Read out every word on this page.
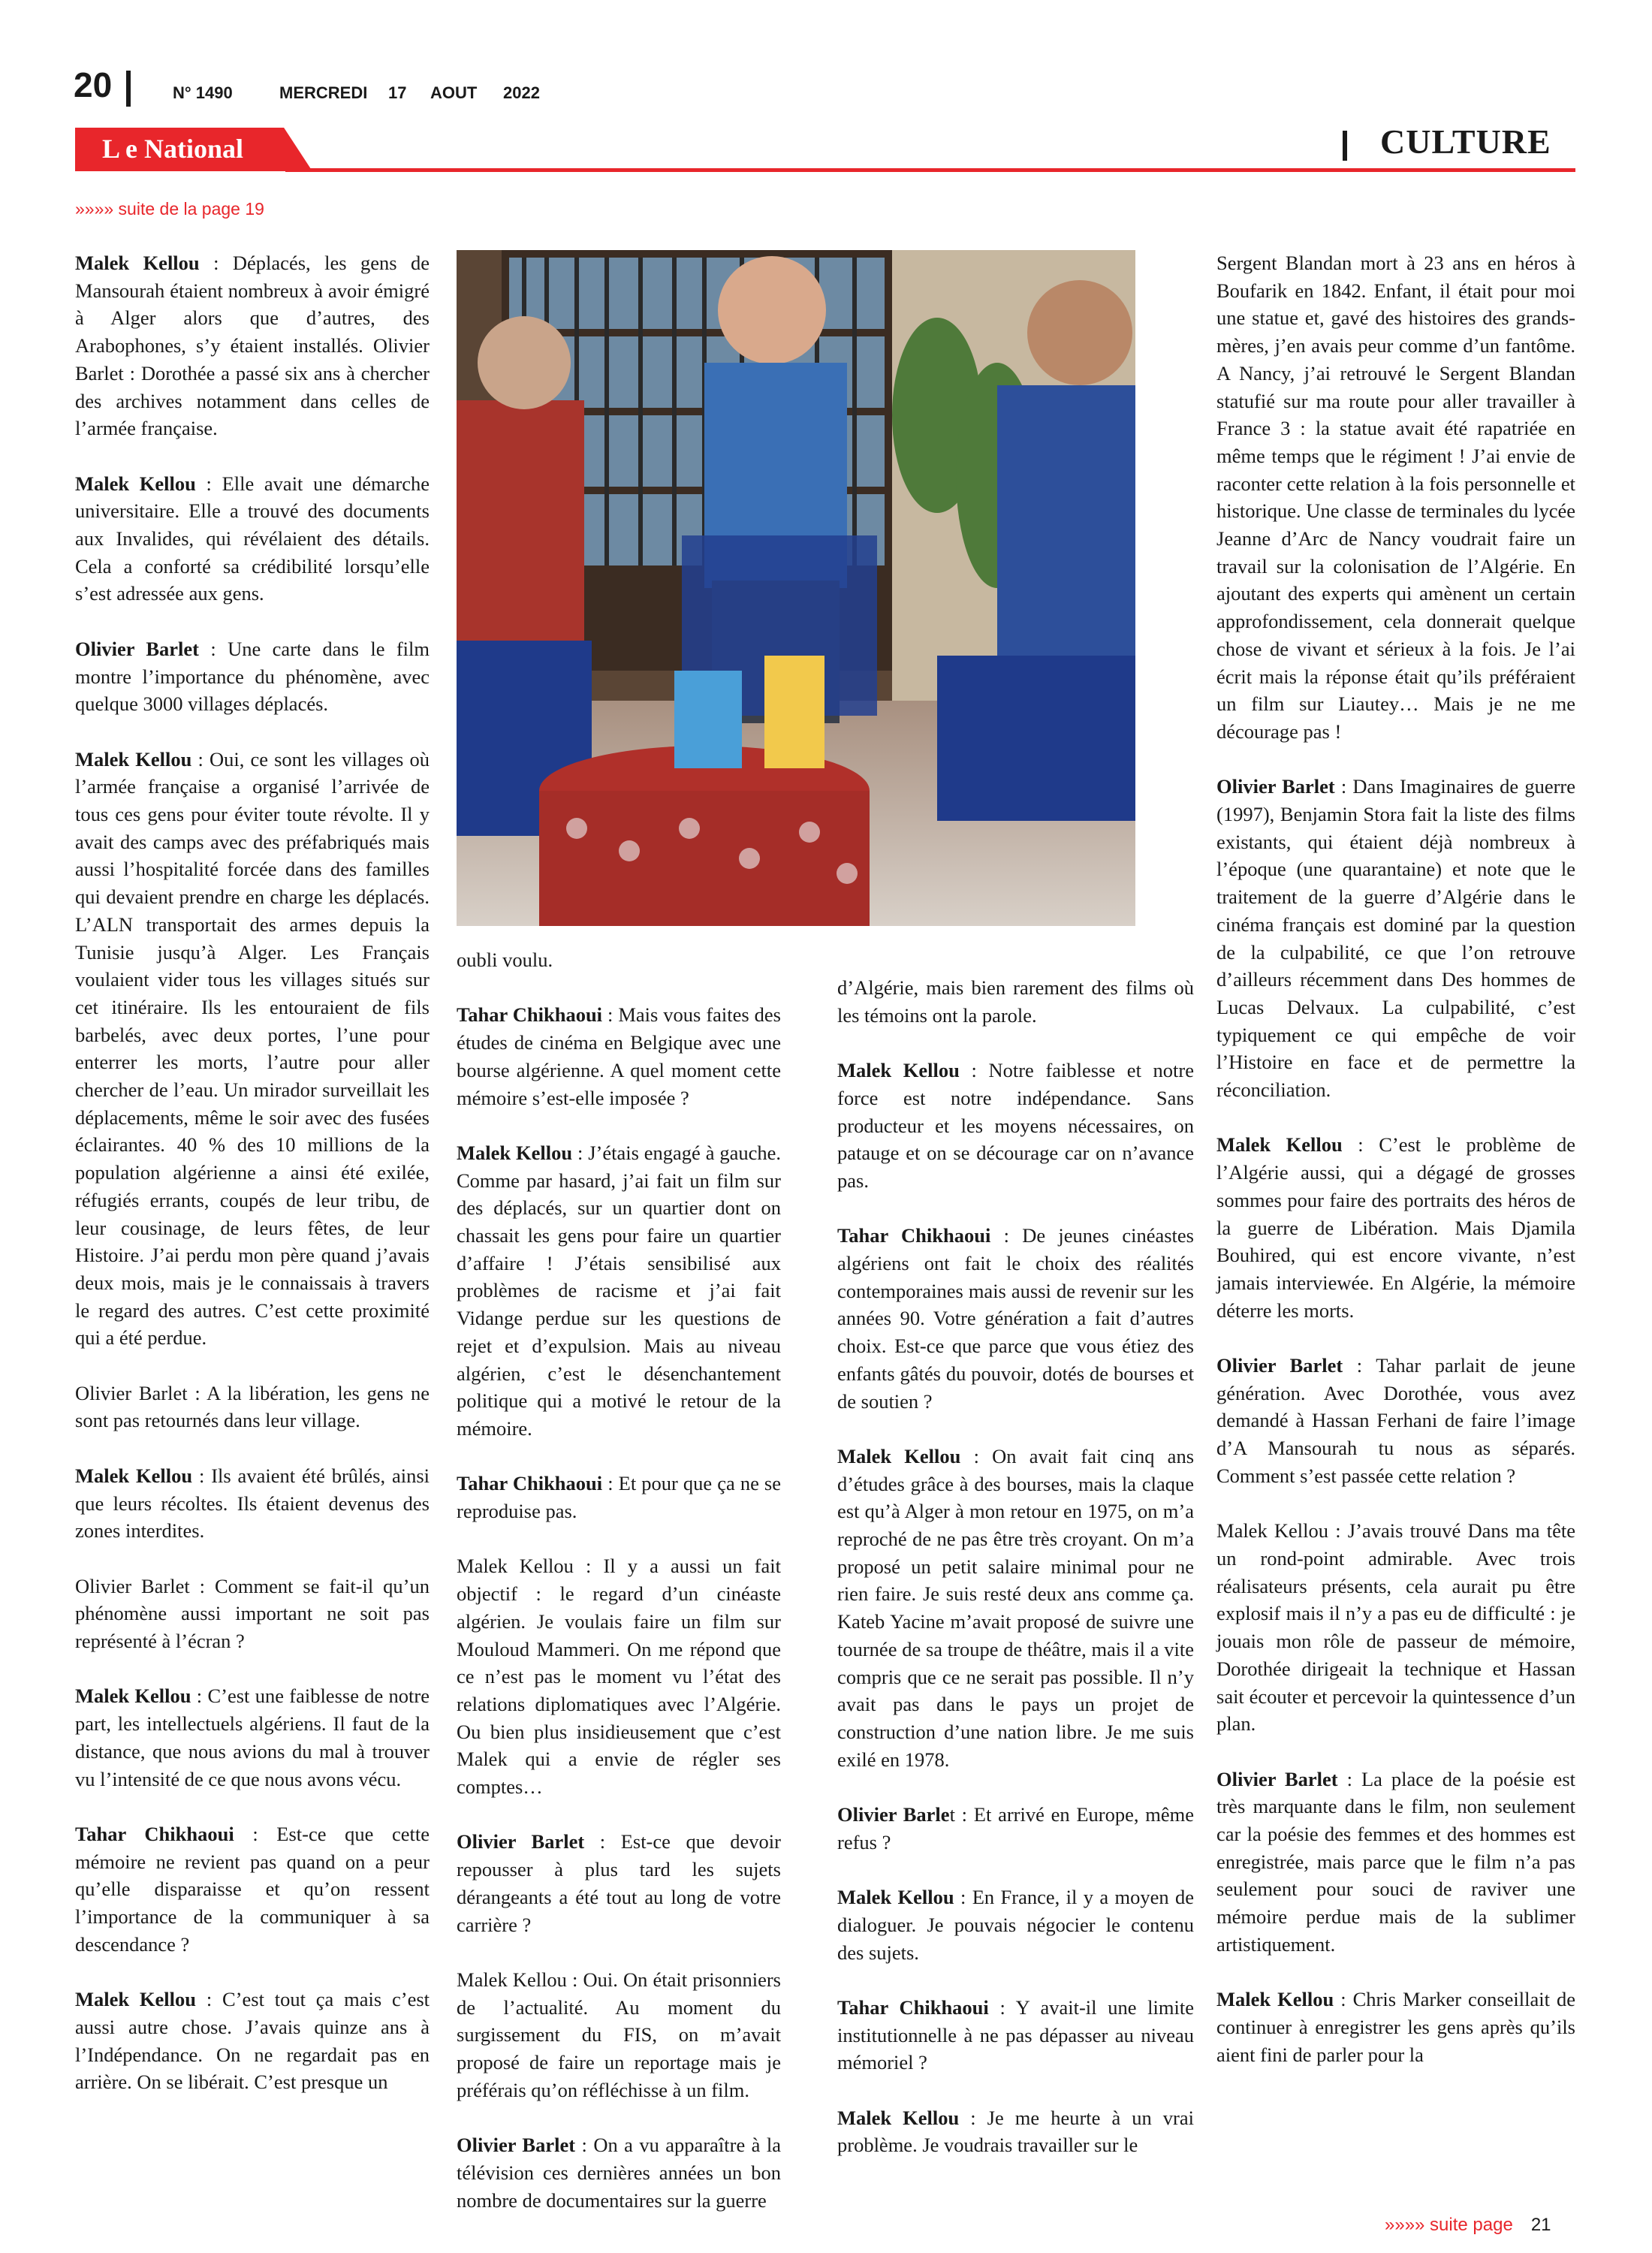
20	N° 1490	MERCREDI 17 AOUT 2022
L e National	CULTURE
»»»» suite de la page 19

Malek Kellou : Déplacés, les gens de Mansourah étaient nombreux à avoir émigré à Alger alors que d’autres, des Arabophones, s’y étaient installés. Olivier Barlet : Dorothée a passé six ans à chercher des archives notamment dans celles de l’armée française.

Malek Kellou : Elle avait une démarche universitaire. Elle a trouvé des documents aux Invalides, qui révélaient des détails. Cela a conforté sa crédibilité lorsqu’elle s’est adressée aux gens.

Olivier Barlet : Une carte dans le film montre l’importance du phénomène, avec quelque 3000 villages déplacés.

Malek Kellou : Oui, ce sont les villages où l’armée française a organisé l’arrivée de tous ces gens pour éviter toute révolte. Il y avait des camps avec des préfabriqués mais aussi l’hospitalité forcée dans des familles qui devaient prendre en charge les déplacés. L’ALN transportait des armes depuis la Tunisie jusqu’à Alger. Les Français voulaient vider tous les villages situés sur cet itinéraire. Ils les entouraient de fils barbelés, avec deux portes, l’une pour enterrer les morts, l’autre pour aller chercher de l’eau. Un mirador surveillait les déplacements, même le soir avec des fusées éclairantes. 40 % des 10 millions de la population algérienne a ainsi été exilée, réfugiés errants, coupés de leur tribu, de leur cousinage, de leurs fêtes, de leur Histoire. J’ai perdu mon père quand j’avais deux mois, mais je le connaissais à travers le regard des autres. C’est cette proximité qui a été perdue.

Olivier Barlet : A la libération, les gens ne sont pas retournés dans leur village.

Malek Kellou : Ils avaient été brûlés, ainsi que leurs récoltes. Ils étaient devenus des zones interdites.

Olivier Barlet : Comment se fait-il qu’un phénomène aussi important ne soit pas représenté à l’écran ?

Malek Kellou : C’est une faiblesse de notre part, les intellectuels algériens. Il faut de la distance, que nous avions du mal à trouver vu l’intensité de ce que nous avons vécu.

Tahar Chikhaoui : Est-ce que cette mémoire ne revient pas quand on a peur qu’elle disparaisse et qu’on ressent l’importance de la communiquer à sa descendance ?

Malek Kellou : C’est tout ça mais c’est aussi autre chose. J’avais quinze ans à l’Indépendance. On ne regardait pas en arrière. On se libérait. C’est presque un

oubli voulu.

Tahar Chikhaoui : Mais vous faites des études de cinéma en Belgique avec une bourse algérienne. A quel moment cette mémoire s’est-elle imposée ?

Malek Kellou : J’étais engagé à gauche. Comme par hasard, j’ai fait un film sur des déplacés, sur un quartier dont on chassait les gens pour faire un quartier d’affaire ! J’étais sensibilisé aux problèmes de racisme et j’ai fait Vidange perdue sur les questions de rejet et d’expulsion. Mais au niveau algérien, c’est le désenchantement politique qui a motivé le retour de la mémoire.

Tahar Chikhaoui : Et pour que ça ne se reproduise pas.

Malek Kellou : Il y a aussi un fait objectif : le regard d’un cinéaste algérien. Je voulais faire un film sur Mouloud Mammeri. On me répond que ce n’est pas le moment vu l’état des relations diplomatiques avec l’Algérie. Ou bien plus insidieusement que c’est Malek qui a envie de régler ses comptes…

Olivier Barlet : Est-ce que devoir repousser à plus tard les sujets dérangeants a été tout au long de votre carrière ?

Malek Kellou : Oui. On était prisonniers de l’actualité. Au moment du surgissement du FIS, on m’avait proposé de faire un reportage mais je préférais qu’on réfléchisse à un film.

Olivier Barlet : On a vu apparaître à la télévision ces dernières années un bon nombre de documentaires sur la guerre

d’Algérie, mais bien rarement des films où les témoins ont la parole.

Malek Kellou : Notre faiblesse et notre force est notre indépendance. Sans producteur et les moyens nécessaires, on patauge et on se décourage car on n’avance pas.

Tahar Chikhaoui : De jeunes cinéastes algériens ont fait le choix des réalités contemporaines mais aussi de revenir sur les années 90. Votre génération a fait d’autres choix. Est-ce que parce que vous étiez des enfants gâtés du pouvoir, dotés de bourses et de soutien ?

Malek Kellou : On avait fait cinq ans d’études grâce à des bourses, mais la claque est qu’à Alger à mon retour en 1975, on m’a reproché de ne pas être très croyant. On m’a proposé un petit salaire minimal pour ne rien faire. Je suis resté deux ans comme ça. Kateb Yacine m’avait proposé de suivre une tournée de sa troupe de théâtre, mais il a vite compris que ce ne serait pas possible. Il n’y avait pas dans le pays un projet de construction d’une nation libre. Je me suis exilé en 1978.

Olivier Barlet : Et arrivé en Europe, même refus ?

Malek Kellou : En France, il y a moyen de dialoguer. Je pouvais négocier le contenu des sujets.

Tahar Chikhaoui : Y avait-il une limite institutionnelle à ne pas dépasser au niveau mémoriel ?

Malek Kellou : Je me heurte à un vrai problème. Je voudrais travailler sur le

Sergent Blandan mort à 23 ans en héros à Boufarik en 1842. Enfant, il était pour moi une statue et, gavé des histoires des grands-mères, j’en avais peur comme d’un fantôme. A Nancy, j’ai retrouvé le Sergent Blandan statufié sur ma route pour aller travailler à France 3 : la statue avait été rapatriée en même temps que le régiment ! J’ai envie de raconter cette relation à la fois personnelle et historique. Une classe de terminales du lycée Jeanne d’Arc de Nancy voudrait faire un travail sur la colonisation de l’Algérie. En ajoutant des experts qui amènent un certain approfondissement, cela donnerait quelque chose de vivant et sérieux à la fois. Je l’ai écrit mais la réponse était qu’ils préféraient un film sur Liautey… Mais je ne me décourage pas !

Olivier Barlet : Dans Imaginaires de guerre (1997), Benjamin Stora fait la liste des films existants, qui étaient déjà nombreux à l’époque (une quarantaine) et note que le traitement de la guerre d’Algérie dans le cinéma français est dominé par la question de la culpabilité, ce que l’on retrouve d’ailleurs récemment dans Des hommes de Lucas Delvaux. La culpabilité, c’est typiquement ce qui empêche de voir l’Histoire en face et de permettre la réconciliation.

Malek Kellou : C’est le problème de l’Algérie aussi, qui a dégagé de grosses sommes pour faire des portraits des héros de la guerre de Libération. Mais Djamila Bouhired, qui est encore vivante, n’est jamais interviewée. En Algérie, la mémoire déterre les morts.

Olivier Barlet : Tahar parlait de jeune génération. Avec Dorothée, vous avez demandé à Hassan Ferhani de faire l’image d’A Mansourah tu nous as séparés. Comment s’est passée cette relation ?

Malek Kellou : J’avais trouvé Dans ma tête un rond-point admirable. Avec trois réalisateurs présents, cela aurait pu être explosif mais il n’y a pas eu de difficulté : je jouais mon rôle de passeur de mémoire, Dorothée dirigeait la technique et Hassan sait écouter et percevoir la quintessence d’un plan.

Olivier Barlet : La place de la poésie est très marquante dans le film, non seulement car la poésie des femmes et des hommes est enregistrée, mais parce que le film n’a pas seulement pour souci de raviver une mémoire perdue mais de la sublimer artistiquement.

Malek Kellou : Chris Marker conseillait de continuer à enregistrer les gens après qu’ils aient fini de parler pour la

»»»» suite page 21
